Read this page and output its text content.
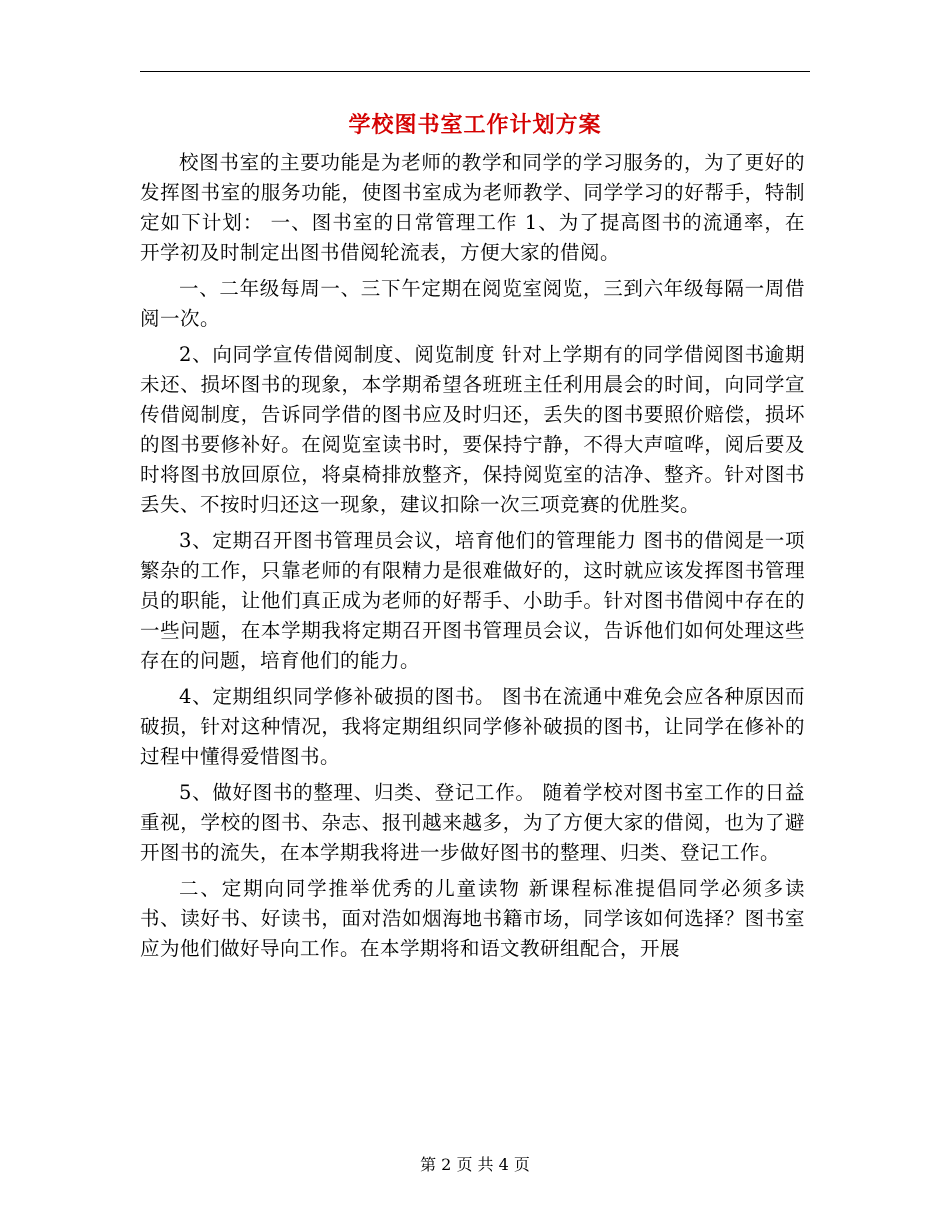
学校图书室工作计划方案

校图书室的主要功能是为老师的教学和同学的学习服务的，为了更好的发挥图书室的服务功能，使图书室成为老师教学、同学学习的好帮手，特制定如下计划： 一、图书室的日常管理工作 1、为了提高图书的流通率，在开学初及时制定出图书借阅轮流表，方便大家的借阅。

一、二年级每周一、三下午定期在阅览室阅览，三到六年级每隔一周借阅一次。

2、向同学宣传借阅制度、阅览制度 针对上学期有的同学借阅图书逾期未还、损坏图书的现象，本学期希望各班班主任利用晨会的时间，向同学宣传借阅制度，告诉同学借的图书应及时归还，丢失的图书要照价赔偿，损坏的图书要修补好。在阅览室读书时，要保持宁静，不得大声喧哗，阅后要及时将图书放回原位，将桌椅排放整齐，保持阅览室的洁净、整齐。针对图书丢失、不按时归还这一现象，建议扣除一次三项竞赛的优胜奖。

3、定期召开图书管理员会议，培育他们的管理能力 图书的借阅是一项繁杂的工作，只靠老师的有限精力是很难做好的，这时就应该发挥图书管理员的职能，让他们真正成为老师的好帮手、小助手。针对图书借阅中存在的一些问题，在本学期我将定期召开图书管理员会议，告诉他们如何处理这些存在的问题，培育他们的能力。

4、定期组织同学修补破损的图书。 图书在流通中难免会应各种原因而破损，针对这种情况，我将定期组织同学修补破损的图书，让同学在修补的过程中懂得爱惜图书。

5、做好图书的整理、归类、登记工作。 随着学校对图书室工作的日益重视，学校的图书、杂志、报刊越来越多，为了方便大家的借阅，也为了避开图书的流失，在本学期我将进一步做好图书的整理、归类、登记工作。

二、定期向同学推举优秀的儿童读物 新课程标准提倡同学必须多读书、读好书、好读书，面对浩如烟海地书籍市场，同学该如何选择？图书室应为他们做好导向工作。在本学期将和语文教研组配合，开展

第 2 页 共 4 页
